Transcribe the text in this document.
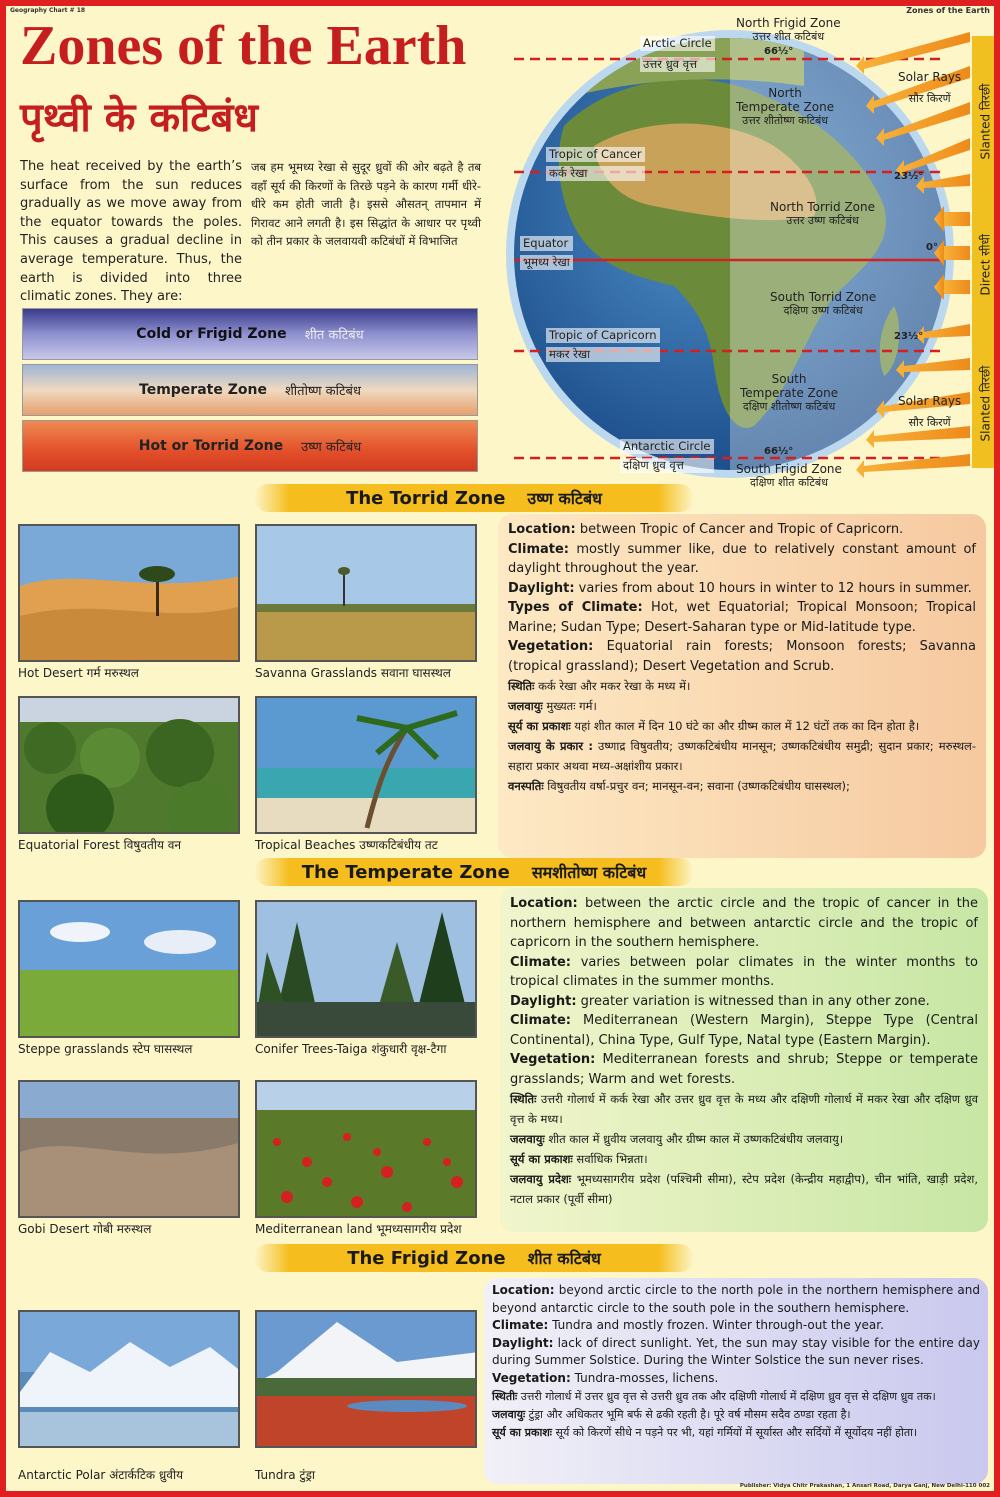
Geography Chart # 18	Zones of the Earth
Zones of the Earth
पृथ्वी के कटिबंध
The heat received by the earth’s surface from the sun reduces gradually as we move away from the equator towards the poles. This causes a gradual decline in average temperature. Thus, the earth is divided into three climatic zones. They are:
जब हम भूमध्य रेखा से सुदूर ध्रुवों की ओर बढ़ते है तब वहाँ सूर्य की किरणों के तिरछे पड़ने के कारण गर्मी धीरे-धीरे कम होती जाती है। इससे औसतन् तापमान में गिरावट आने लगती है। इस सिद्धांत के आधार पर पृथ्वी को तीन प्रकार के जलवायवी कटिबंधों में विभाजित
Cold or Frigid Zone शीत कटिबंध
Temperate Zone शीतोष्ण कटिबंध
Hot or Torrid Zone उष्ण कटिबंध
Slanted तिरछी
Direct सीधी
Slanted तिरछी
North Frigid Zone
उत्तर शीत कटिबंध
Arctic Circle
उत्तर ध्रुव वृत्त
66½°
North
Temperate Zone
उत्तर शीतोष्ण कटिबंध
Solar Rays
सौर किरणें
Tropic of Cancer
कर्क रेखा	23½°
North Torrid Zone
उत्तर उष्ण कटिबंध
Equator
भूमध्य रेखा
0°
South Torrid Zone
दक्षिण उष्ण कटिबंध
Tropic of Capricorn
मकर रेखा
23½°
South
Temperate Zone
दक्षिण शीतोष्ण कटिबंध	Solar Rays
सौर किरणें
Antarctic Circle
दक्षिण ध्रुव वृत्त
66½°
South Frigid Zone
दक्षिण शीत कटिबंध
The Torrid Zone उष्ण कटिबंध
Hot Desert गर्म मरुस्थल	Savanna Grasslands सवाना घासस्थल
Equatorial Forest विषुवतीय वन	Tropical Beaches उष्णकटिबंधीय तट

Location: between Tropic of Cancer and Tropic of Capricorn.

Climate: mostly summer like, due to relatively constant amount of daylight throughout the year.

Daylight: varies from about 10 hours in winter to 12 hours in summer.

Types of Climate: Hot, wet Equatorial; Tropical Monsoon; Tropical Marine; Sudan Type; Desert-Saharan type or Mid-latitude type.

Vegetation: Equatorial rain forests; Monsoon forests; Savanna (tropical grassland); Desert Vegetation and Scrub.

स्थितिः कर्क रेखा और मकर रेखा के मध्य में।

जलवायुः मुख्यतः गर्म।

सूर्य का प्रकाशः यहां शीत काल में दिन 10 घंटे का और ग्रीष्म काल में 12 घंटों तक का दिन होता है।

जलवायु के प्रकार : उष्णाद्र विषुवतीय; उष्णकटिबंधीय मानसून; उष्णकटिबंधीय समुद्री; सुदान प्रकार; मरुस्थल- सहारा प्रकार अथवा मध्य-अक्षांशीय प्रकार।

वनस्पतिः विषुवतीय वर्षा-प्रचुर वन; मानसून-वन; सवाना (उष्णकटिबंधीय घासस्थल);

The Temperate Zone समशीतोष्ण कटिबंध
Steppe grasslands स्टेप घासस्थल	Conifer Trees-Taiga शंकुधारी वृक्ष-टैगा
Gobi Desert गोबी मरुस्थल	Mediterranean land भूमध्यसागरीय प्रदेश

Location: between the arctic circle and the tropic of cancer in the northern hemisphere and between antarctic circle and the tropic of capricorn in the southern hemisphere.

Climate: varies between polar climates in the winter months to tropical climates in the summer months.

Daylight: greater variation is witnessed than in any other zone.

Climate: Mediterranean (Western Margin), Steppe Type (Central Continental), China Type, Gulf Type, Natal type (Eastern Margin).

Vegetation: Mediterranean forests and shrub; Steppe or temperate grasslands; Warm and wet forests.

स्थितिः उत्तरी गोलार्ध में कर्क रेखा और उत्तर ध्रुव वृत्त के मध्य और दक्षिणी गोलार्ध में मकर रेखा और दक्षिण ध्रुव वृत्त के मध्य।

जलवायुः शीत काल में ध्रुवीय जलवायु और ग्रीष्म काल में उष्णकटिबंधीय जलवायु।

सूर्य का प्रकाशः सर्वाधिक भिन्नता।

जलवायु प्रदेशः भूमध्यसागरीय प्रदेश (पश्चिमी सीमा), स्टेप प्रदेश (केन्द्रीय महाद्वीप), चीन भांति, खाड़ी प्रदेश, नटाल प्रकार (पूर्वी सीमा)

The Frigid Zone शीत कटिबंध
Antarctic Polar अंटार्कटिक ध्रुवीय	Tundra टुंड्रा

Location: beyond arctic circle to the north pole in the northern hemisphere and beyond antarctic circle to the south pole in the southern hemisphere.

Climate: Tundra and mostly frozen. Winter through-out the year.

Daylight: lack of direct sunlight. Yet, the sun may stay visible for the entire day during Summer Solstice. During the Winter Solstice the sun never rises.

Vegetation: Tundra-mosses, lichens.

स्थितीः उत्तरी गोलार्ध में उत्तर ध्रुव वृत्त से उत्तरी ध्रुव तक और दक्षिणी गोलार्ध में दक्षिण ध्रुव वृत्त से दक्षिण ध्रुव तक।

जलवायुः टुंड्रा और अधिकतर भूमि बर्फ से ढकी रहती है। पूरे वर्ष मौसम सदैव ठण्डा रहता है।

सूर्य का प्रकाशः सूर्य को किरणें सीधे न पड़ने पर भी, यहां गर्मियों में सूर्यास्त और सर्दियों में सूर्योदय नहीं होता।

Publisher: Vidya Chitr Prakashan, 1 Ansari Road, Darya Ganj, New Delhi-110 002
